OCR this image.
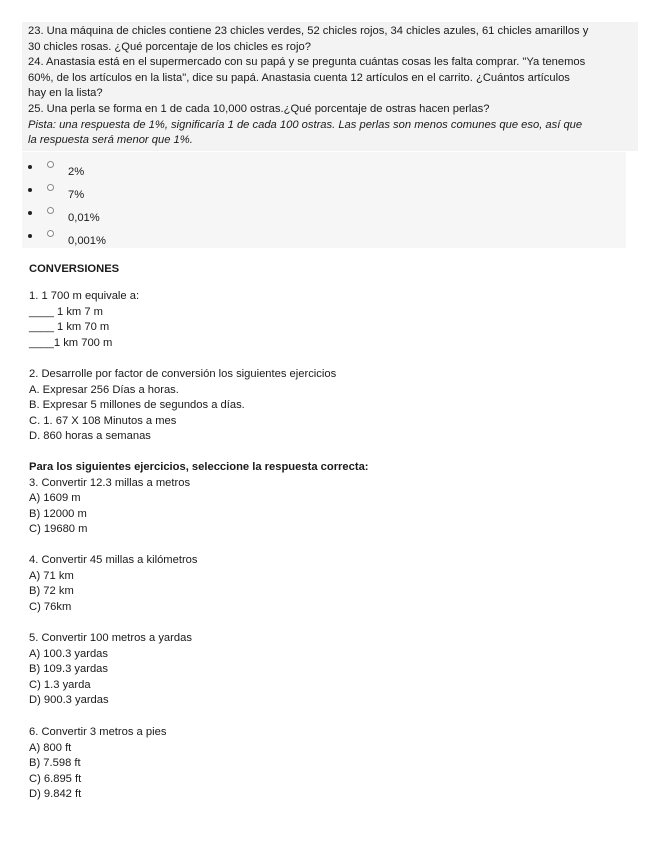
23. Una máquina de chicles contiene 23 chicles verdes, 52 chicles rojos, 34 chicles azules, 61 chicles amarillos y

30 chicles rosas. ¿Qué porcentaje de los chicles es rojo?

24. Anastasia está en el supermercado con su papá y se pregunta cuántas cosas les falta comprar. "Ya tenemos

60%, de los artículos en la lista", dice su papá. Anastasia cuenta 12 artículos en el carrito. ¿Cuántos artículos

hay en la lista?

25. Una perla se forma en 1 de cada 10,000 ostras.¿Qué porcentaje de ostras hacen perlas?

Pista: una respuesta de 1%, significaría 1 de cada 100 ostras. Las perlas son menos comunes que eso, así que

la respuesta será menor que 1%.

2%
7%
0,01%
0,001%
CONVERSIONES
1. 1 700 m equivale a:
____ 1 km 7 m
____ 1 km 70 m
____1 km 700 m
2. Desarrolle por factor de conversión los siguientes ejercicios
A. Expresar 256 Días a horas.
B. Expresar 5 millones de segundos a días.
C. 1. 67 X 108 Minutos a mes
D. 860 horas a semanas
Para los siguientes ejercicios, seleccione la respuesta correcta:
3. Convertir 12.3 millas a metros
A) 1609 m
B) 12000 m
C) 19680 m
4. Convertir 45 millas a kilómetros
A) 71 km
B) 72 km
C) 76km
5. Convertir 100 metros a yardas
A) 100.3 yardas
B) 109.3 yardas
C) 1.3 yarda
D) 900.3 yardas
6. Convertir 3 metros a pies
A) 800 ft
B) 7.598 ft
C) 6.895 ft
D) 9.842 ft
